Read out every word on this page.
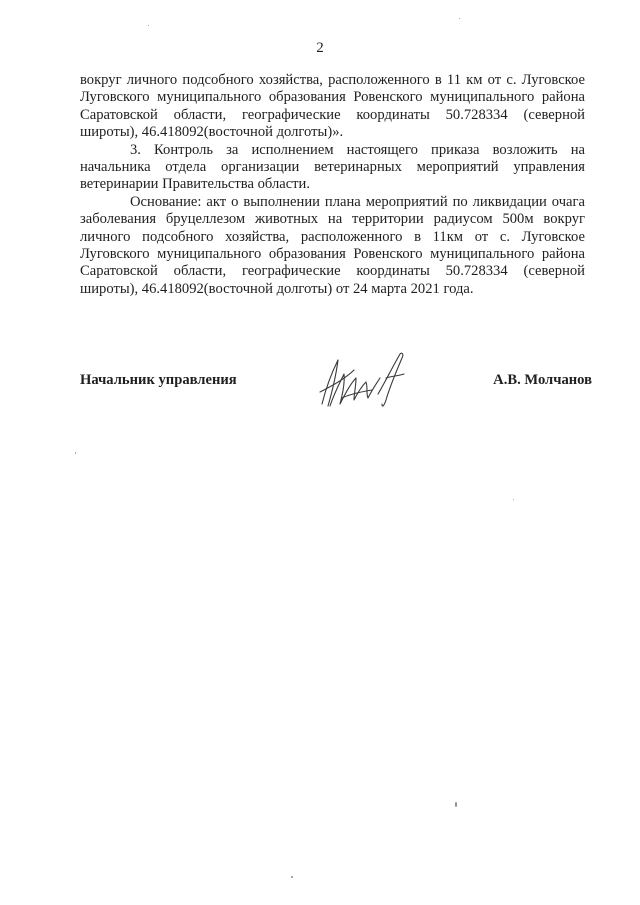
2

вокруг личного подсобного хозяйства, расположенного в 11 км от с. Луговское Луговского муниципального образования Ровенского муниципального района Саратовской области, географические координаты 50.728334 (северной широты), 46.418092(восточной долготы)».

3. Контроль за исполнением настоящего приказа возложить на начальника отдела организации ветеринарных мероприятий управления ветеринарии Правительства области.

Основание: акт о выполнении плана мероприятий по ликвидации очага заболевания бруцеллезом животных на территории радиусом 500м вокруг личного подсобного хозяйства, расположенного в 11км от с. Луговское Луговского муниципального образования Ровенского муниципального района Саратовской области, географические координаты 50.728334 (северной широты), 46.418092(восточной долготы) от 24 марта 2021 года.

Начальник управления	А.В. Молчанов
